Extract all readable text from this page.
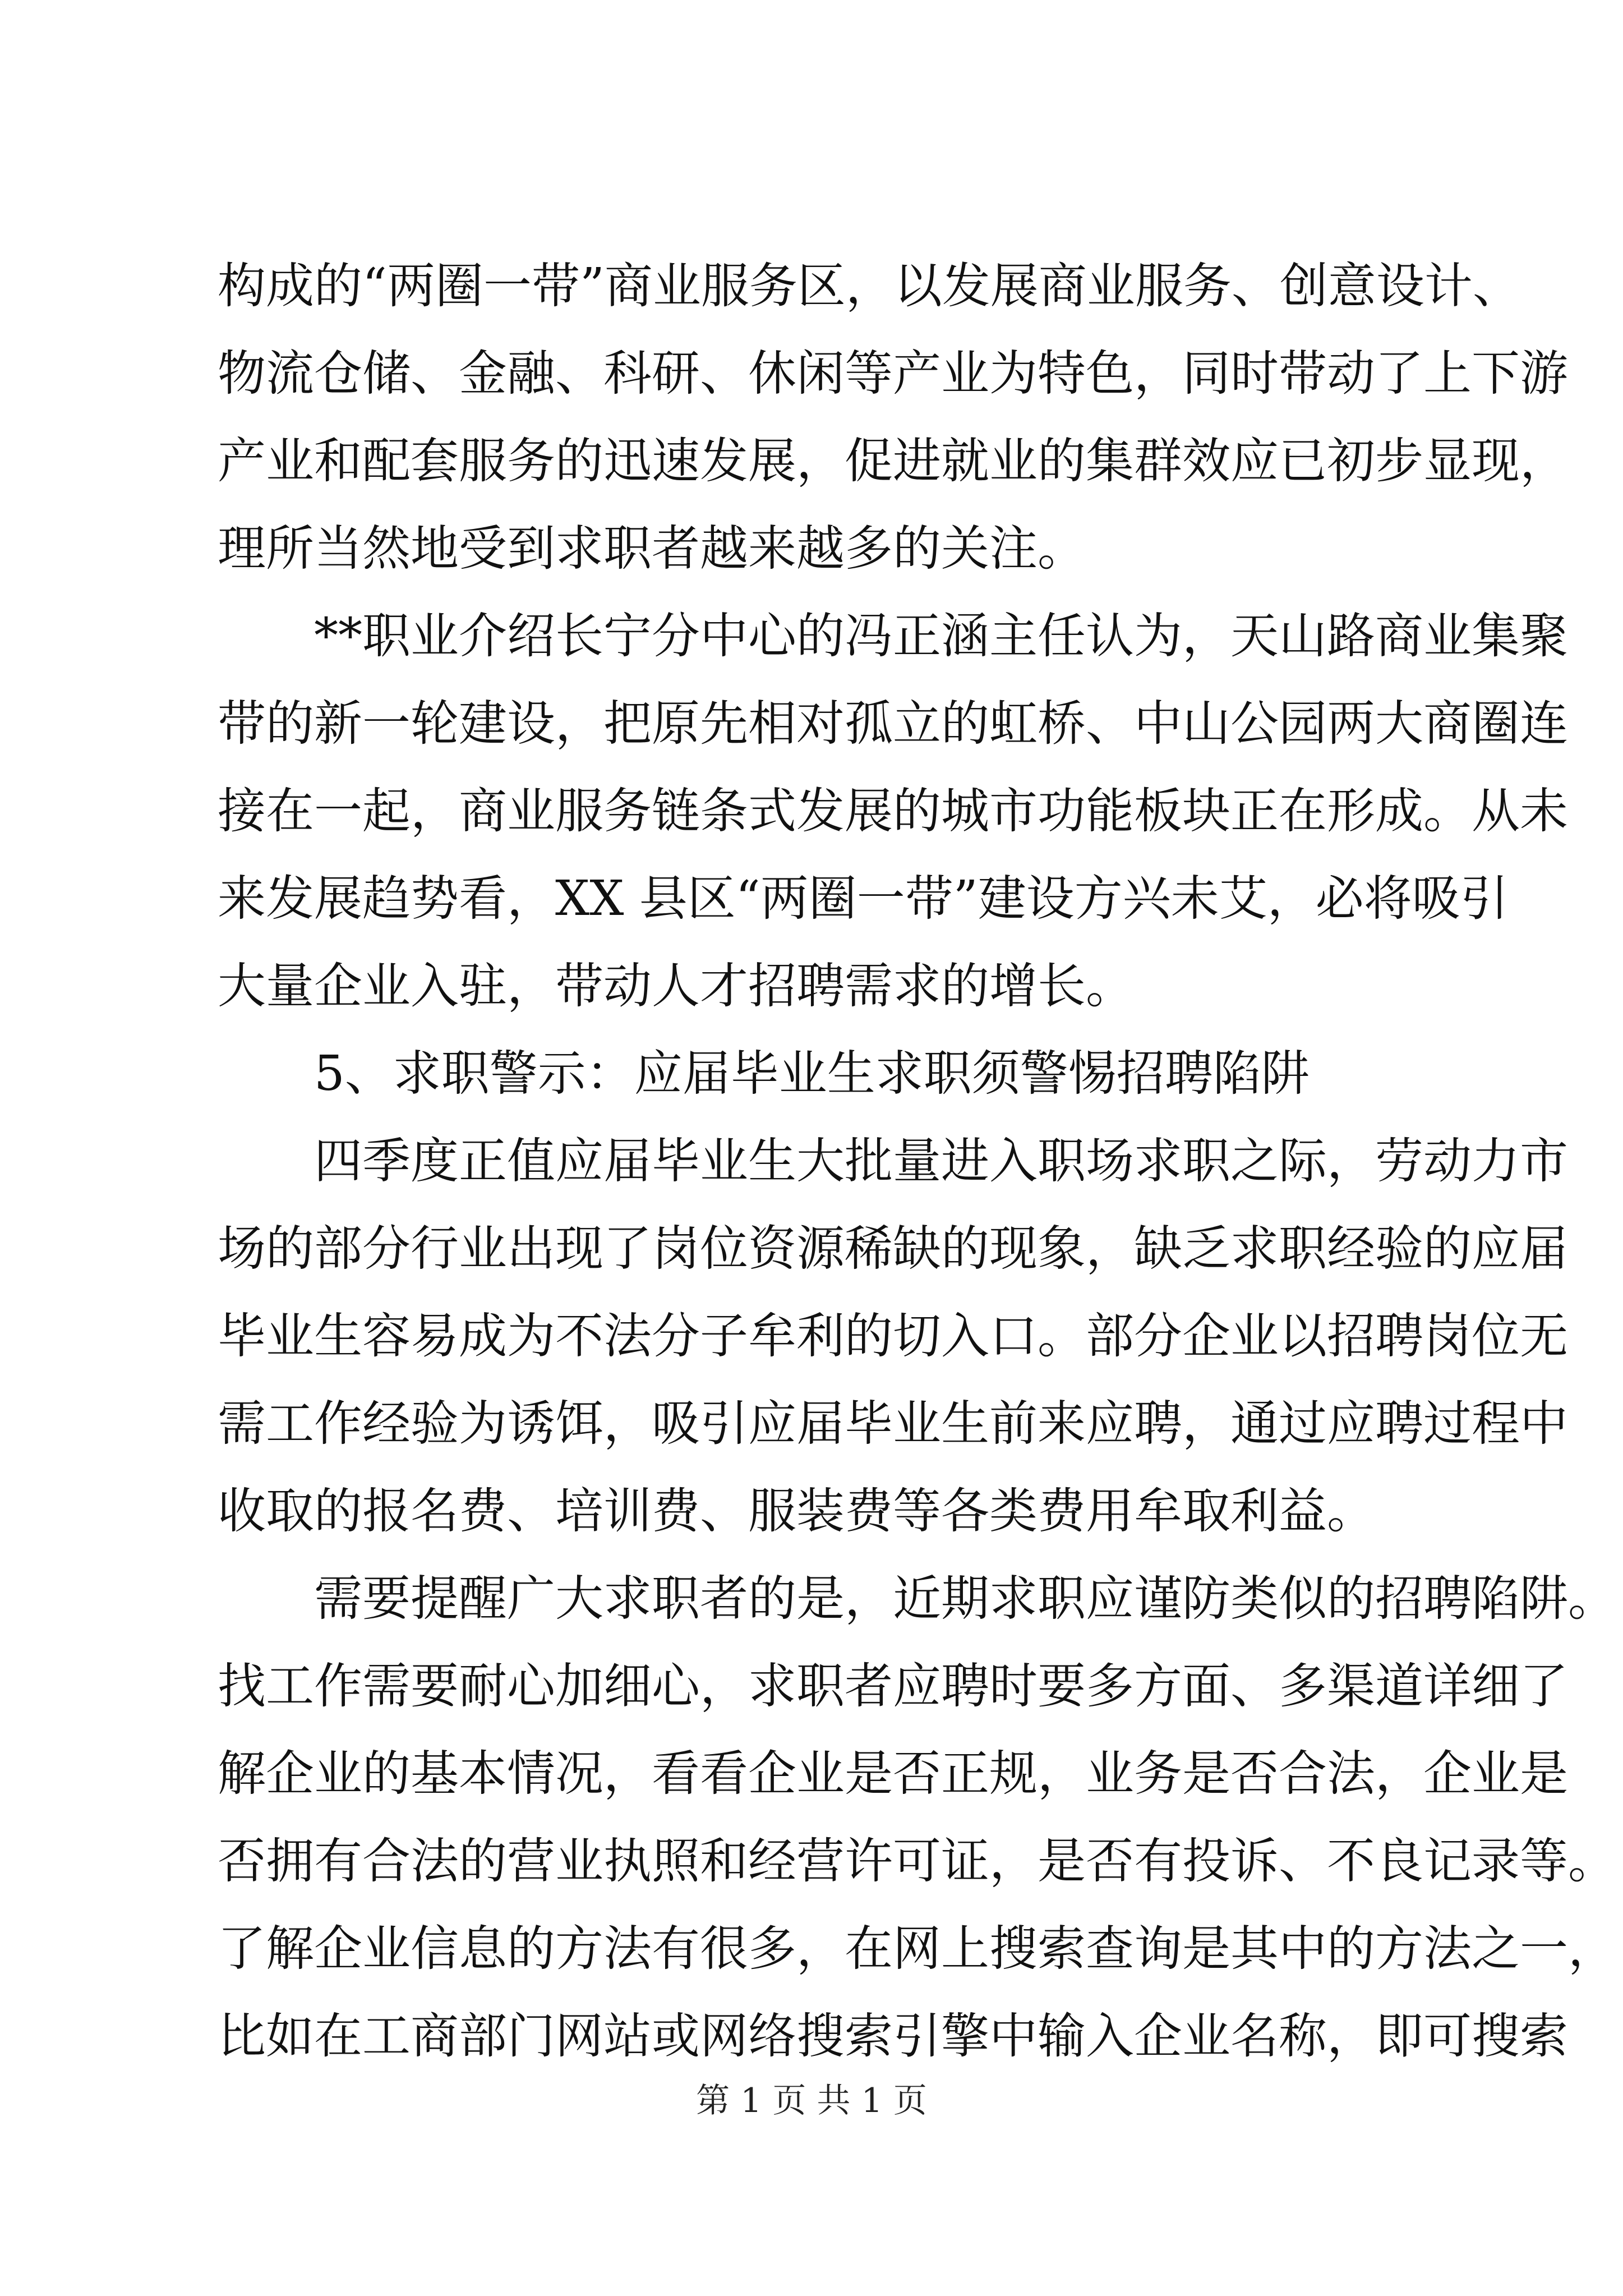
构成的“两圈一带”商业服务区，以发展商业服务、创意设计、
物流仓储、金融、科研、休闲等产业为特色，同时带动了上下游
产业和配套服务的迅速发展，促进就业的集群效应已初步显现，
理所当然地受到求职者越来越多的关注。
**职业介绍长宁分中心的冯正涵主任认为，天山路商业集聚
带的新一轮建设，把原先相对孤立的虹桥、中山公园两大商圈连
接在一起，商业服务链条式发展的城市功能板块正在形成。从未
来发展趋势看，XX 县区“两圈一带”建设方兴未艾，必将吸引
大量企业入驻，带动人才招聘需求的增长。
5、求职警示：应届毕业生求职须警惕招聘陷阱
四季度正值应届毕业生大批量进入职场求职之际，劳动力市
场的部分行业出现了岗位资源稀缺的现象，缺乏求职经验的应届
毕业生容易成为不法分子牟利的切入口。部分企业以招聘岗位无
需工作经验为诱饵，吸引应届毕业生前来应聘，通过应聘过程中
收取的报名费、培训费、服装费等各类费用牟取利益。
需要提醒广大求职者的是，近期求职应谨防类似的招聘陷阱。
找工作需要耐心加细心，求职者应聘时要多方面、多渠道详细了
解企业的基本情况，看看企业是否正规，业务是否合法，企业是
否拥有合法的营业执照和经营许可证，是否有投诉、不良记录等。
了解企业信息的方法有很多，在网上搜索查询是其中的方法之一，
比如在工商部门网站或网络搜索引擎中输入企业名称，即可搜索
第 1 页 共 1 页
